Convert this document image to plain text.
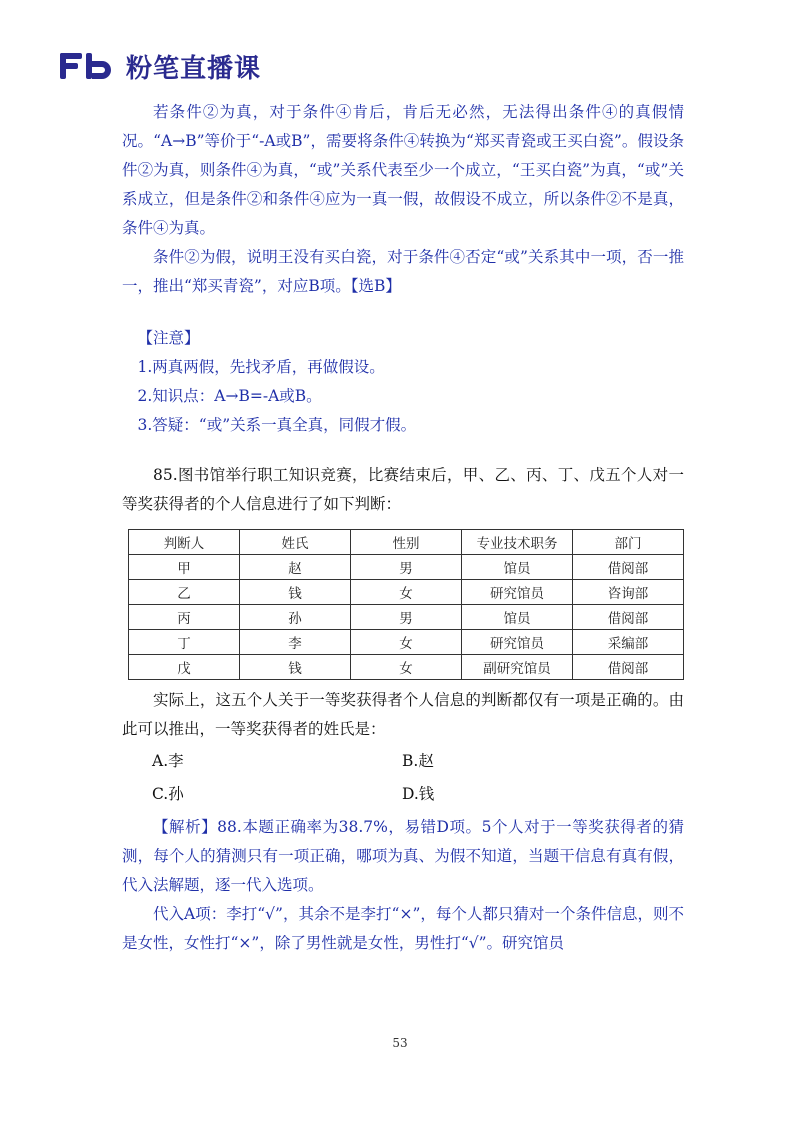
粉笔直播课

若条件②为真，对于条件④肯后，肯后无必然，无法得出条件④的真假情况。“A→B”等价于“-A或B”，需要将条件④转换为“郑买青瓷或王买白瓷”。假设条件②为真，则条件④为真，“或”关系代表至少一个成立，“王买白瓷”为真，“或”关系成立，但是条件②和条件④应为一真一假，故假设不成立，所以条件②不是真，条件④为真。

条件②为假，说明王没有买白瓷，对于条件④否定“或”关系其中一项，否一推一，推出“郑买青瓷”，对应B项。【选B】

【注意】

1.两真两假，先找矛盾，再做假设。

2.知识点：A→B=-A或B。

3.答疑：“或”关系一真全真，同假才假。

85.图书馆举行职工知识竞赛，比赛结束后，甲、乙、丙、丁、戊五个人对一等奖获得者的个人信息进行了如下判断：

判断人	姓氏	性别	专业技术职务	部门
甲	赵	男	馆员	借阅部
乙	钱	女	研究馆员	咨询部
丙	孙	男	馆员	借阅部
丁	李	女	研究馆员	采编部
戊	钱	女	副研究馆员	借阅部

实际上，这五个人关于一等奖获得者个人信息的判断都仅有一项是正确的。由此可以推出，一等奖获得者的姓氏是：

A.李	B.赵
C.孙	D.钱

【解析】88.本题正确率为38.7%，易错D项。5个人对于一等奖获得者的猜测，每个人的猜测只有一项正确，哪项为真、为假不知道，当题干信息有真有假，代入法解题，逐一代入选项。

代入A项：李打“√”，其余不是李打“×”，每个人都只猜对一个条件信息，则不是女性，女性打“×”，除了男性就是女性，男性打“√”。研究馆员

53
